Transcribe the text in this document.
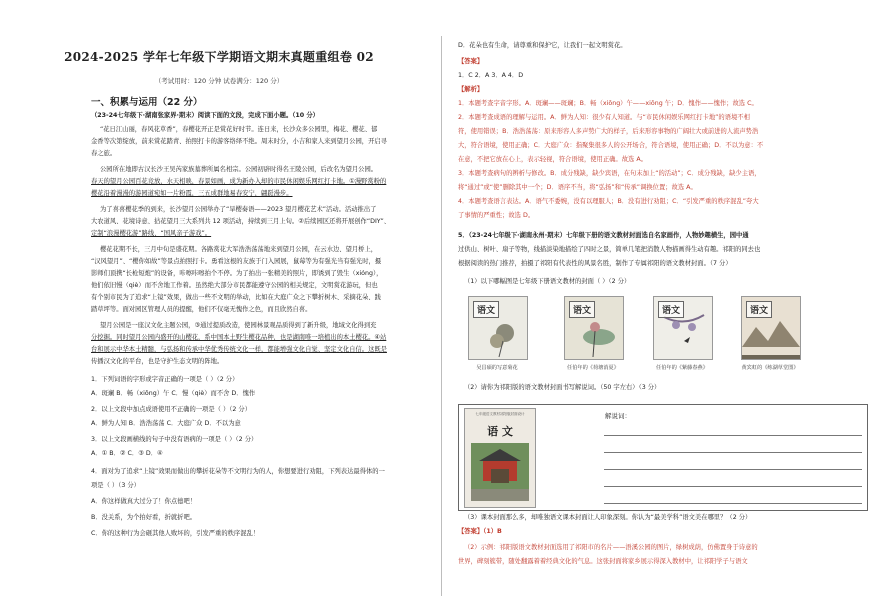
2024-2025 学年七年级下学期语文期末真题重组卷 02
（考试用时：120 分钟 试卷满分：120 分）
一、积累与运用（22 分）
（23-24七年级下·湖南张家界·期末）阅读下面的文段，完成下面小题。（10 分）
“花日江山丽，春风花草香”，春樱花开正是赏花好时节。连日来，长沙众多公园里，梅花、樱花、郁
金香等次第绽放，前来赏花踏青、拍照打卡的游客络绎不绝。周末时分，小吉和家人来到望月公园，开启寻
春之旅。
公园所在地即古汉长沙王吴芮家族墓葬所属名相宗。公园初辟时得名王陵公园，后改名为望月公园。
春天的望月公园百花竞放，水天相映，春景如画，成为新办入却的市民休闲娱乐网红打卡地。①漫野赏粉的
樱花沿着漫漫的游园道宛如一片粉霞，三五成群地易春安宁，翩跹漫步。
为了喜喜樱花季的到来，长沙望月公园举办了“旱樱奏语——2023 望月樱花艺术”活动。活动推出了
大农道风、花境诗意、拈花望月三大系列共 12 项活动，持续到三月上旬。②后续园区还将开展创作“DIY”、
定制“浪漫樱花游”路线、“国风亲子游戏”。
樱花花期不长，三月中旬是盛花期。各路赏花大军浩浩荡荡地来到望月公园，在云水边、望月桥上，
“汉风望月”、“樱你如故”等景点拍照打卡。勇看这根的友族于门入园展，鼠莓等为有强光当有强光时，摄
影师们顶携“长枪短炮”的设备，咔嚓咔嚓拍个不停。为了拍出一张精美的照片，即诱到了毁生（xióng），
他们依旧慢（qiè）而不舍地工作着。虽然绝大部分市民都能遵守公园的相关规定，文明赏花游玩，但也
有个别市民为了追求“上镜”效果，做出一些不文明的举动，比如在大庭广众之下攀折树木、采摘花朵、践
踏草坪等。面对园区管理人员的提醒，他们不仅毫无愧作之色，而且欣然自喜。
望月公园是一座汉文化主题公园，③通过提质改造，使园林景观品质得到了新升级，地域文化得到充
分挖掘。同时望月公园内盛开的山樱花，系中国本土野生樱花品种，也是湖南唯一培植出的本土樱花。④站
台和展示中华本土精髓，与弘扬和传承中华优秀传统文化一样，都能增强文化自觉、坚定文化自信。这既是
传播汉文化的平台，也是守护生态文明的阵地。
1．下列词语的字形或字音正确的一项是（ ）（2 分）
A．斑斓 B．畅（xiōng）午 C．慢（qiè）而不舍 D．愧作
2．以上文段中加点成语使用不正确的一项是（ ）（2 分）
A．鲜为人知 B．浩浩荡荡 C．大庭广众 D．不以为意
3．以上文段画横线的句子中没有语病的一项是（ ）（2 分）
A．① B．② C．③ D．④
4．面对为了追求“上镜”效果而做出的攀折花朵等不文明行为的人，你想要进行劝阻，下列表达最得体的一
项是（ ）（3 分）
A．你这样做真大过分了！你点德吧！
B．没关系，为个拍好看，折就折吧。
C．你的这种行为会砸其他人败坏的，引发严重的秩序混乱！
D．花朵也有生命，请尊重和保护它，让我们一起文明赏花。
【答案】
1．C 2．A 3．A 4．D
【解析】
1．本题考查字音字形。A．斑斓——斑斓；B．畅（xiōng）午——xiōng 午；D．愧作——愧作；故选 C。
2．本题考查成语的理解与运用。A．鲜为人知：很少有人知道。与“市民休闲娱乐网红打卡地”的语境不相
符，使用错误；B．浩浩荡荡：原来形容人多声势广大的样子，后来形容事物的广阔壮大或前进的人流声势浩
大，符合语境，使用正确；C．大庭广众：指聚集很多人的公开场合，符合语境，使用正确；D．不以为意：不
在意，不把它放在心上，表示轻视，符合语境，使用正确。故选 A。
3．本题考查病句的辨析与修改。B．成分残缺，缺少宾语，在句末加上“的活动”；C．成分残缺，缺少主语，
将“通过”或“使”删除其中一个；D．语序不当，将“弘扬”和“传承”调换位置；故选 A。
4．本题考查语言表达。A．语气不委婉，没有以理服人；B．没有进行劝阻；C．“引发严重的秩序混乱”夸大
了事情的严重性；故选 D。
5．（23-24七年级下·湖南永州·期末）七年级下册的语文教材封面选自名家画作，人物妙趣横生，园中通
过供山、树叶、扇子等物，线描淡染地描绘了四时之景，简单几笔把消散人物描画得生动有趣。祁阳的同去也
根据阅读的热门推荐，拍摄了祁阳有代表性的风景名胜，制作了专属祁阳的语文教材封面。（7 分）
（1）以下哪幅图是七年级下册语文教材的封面（ ）（2 分）
语文	语文	语文	语文
吴昌硕的写意菊花	任伯年的《荷塘消夏》	任伯年的《紫藤春燕》	黄宾虹的《练湖草堂图》
（2）请你为祁阳版的语文教材封面书写解说词。（50 字左右）（3 分）
（3）课本封面那么多，却唯独语文课本封面让人印象深刻。你认为“最美学科”语文美在哪里？（2 分）
【答案】（1）B
（2）示例：祁阳版语文教材封面选用了祁阳市的名片——浯溪公园的图片，绿树成荫，仿佛置身于诗意的
世界，碑刻簇带，随处翻露着着经典文化的气息。这张封面将家乡展示得深入教材中，让祁阳学子与语文
七年级语文教材祁阳版封面设计
语 文
解说词：
